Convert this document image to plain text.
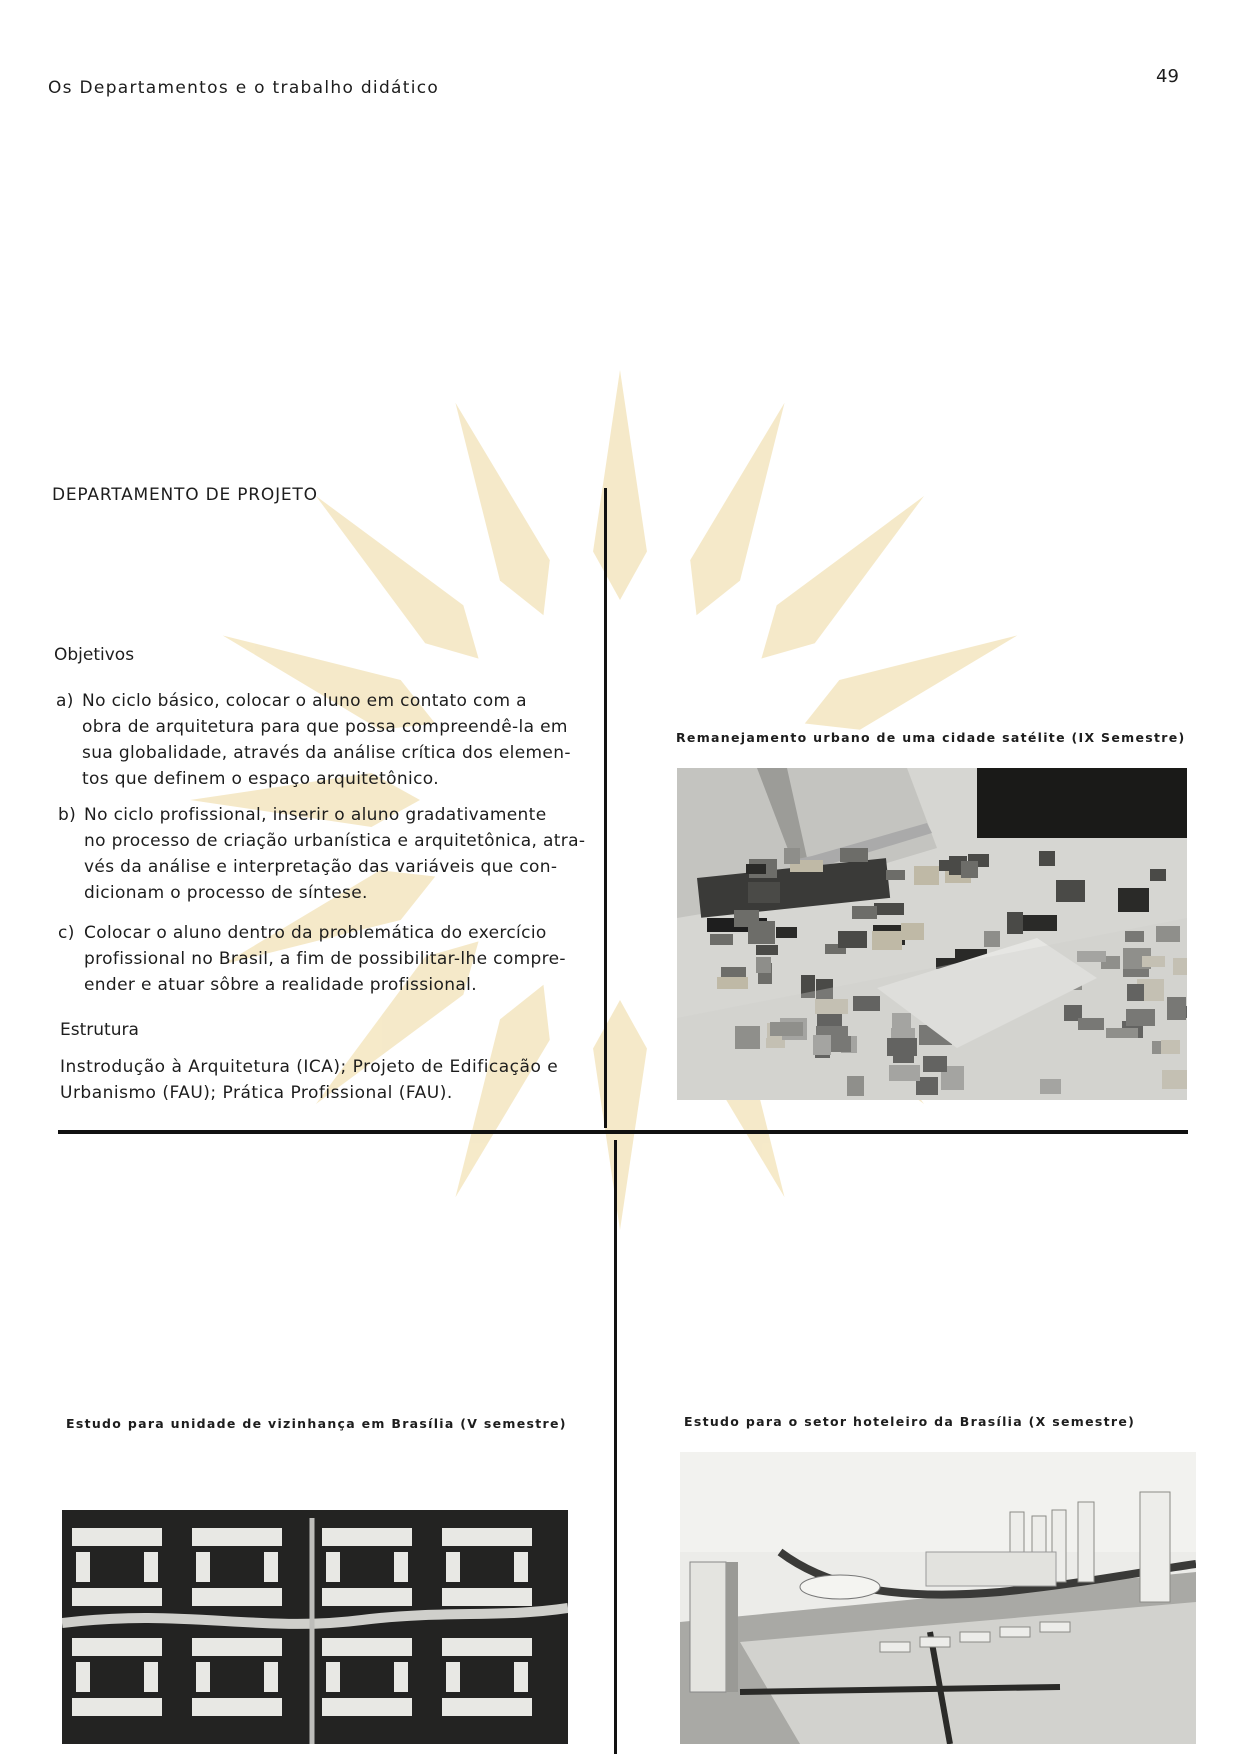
Os Departamentos e o trabalho didático
49
DEPARTAMENTO DE PROJETO
Objetivos
a) No ciclo básico, colocar o aluno em contato com a
obra de arquitetura para que possa compreendê-la em
sua globalidade, através da análise crítica dos elemen-
tos que definem o espaço arquitetônico.
b) No ciclo profissional, inserir o aluno gradativamente
no processo de criação urbanística e arquitetônica, atra-
vés da análise e interpretação das variáveis que con-
dicionam o processo de síntese.
c) Colocar o aluno dentro da problemática do exercício
profissional no Brasil, a fim de possibilitar-lhe compre-
ender e atuar sôbre a realidade profissional.
Estrutura
Instrodução à Arquitetura (ICA); Projeto de Edificação e
Urbanismo (FAU); Prática Profissional (FAU).
Remanejamento urbano de uma cidade satélite (IX Semestre)
Estudo para unidade de vizinhança em Brasília (V semestre)	Estudo para o setor hoteleiro da Brasília (X semestre)
